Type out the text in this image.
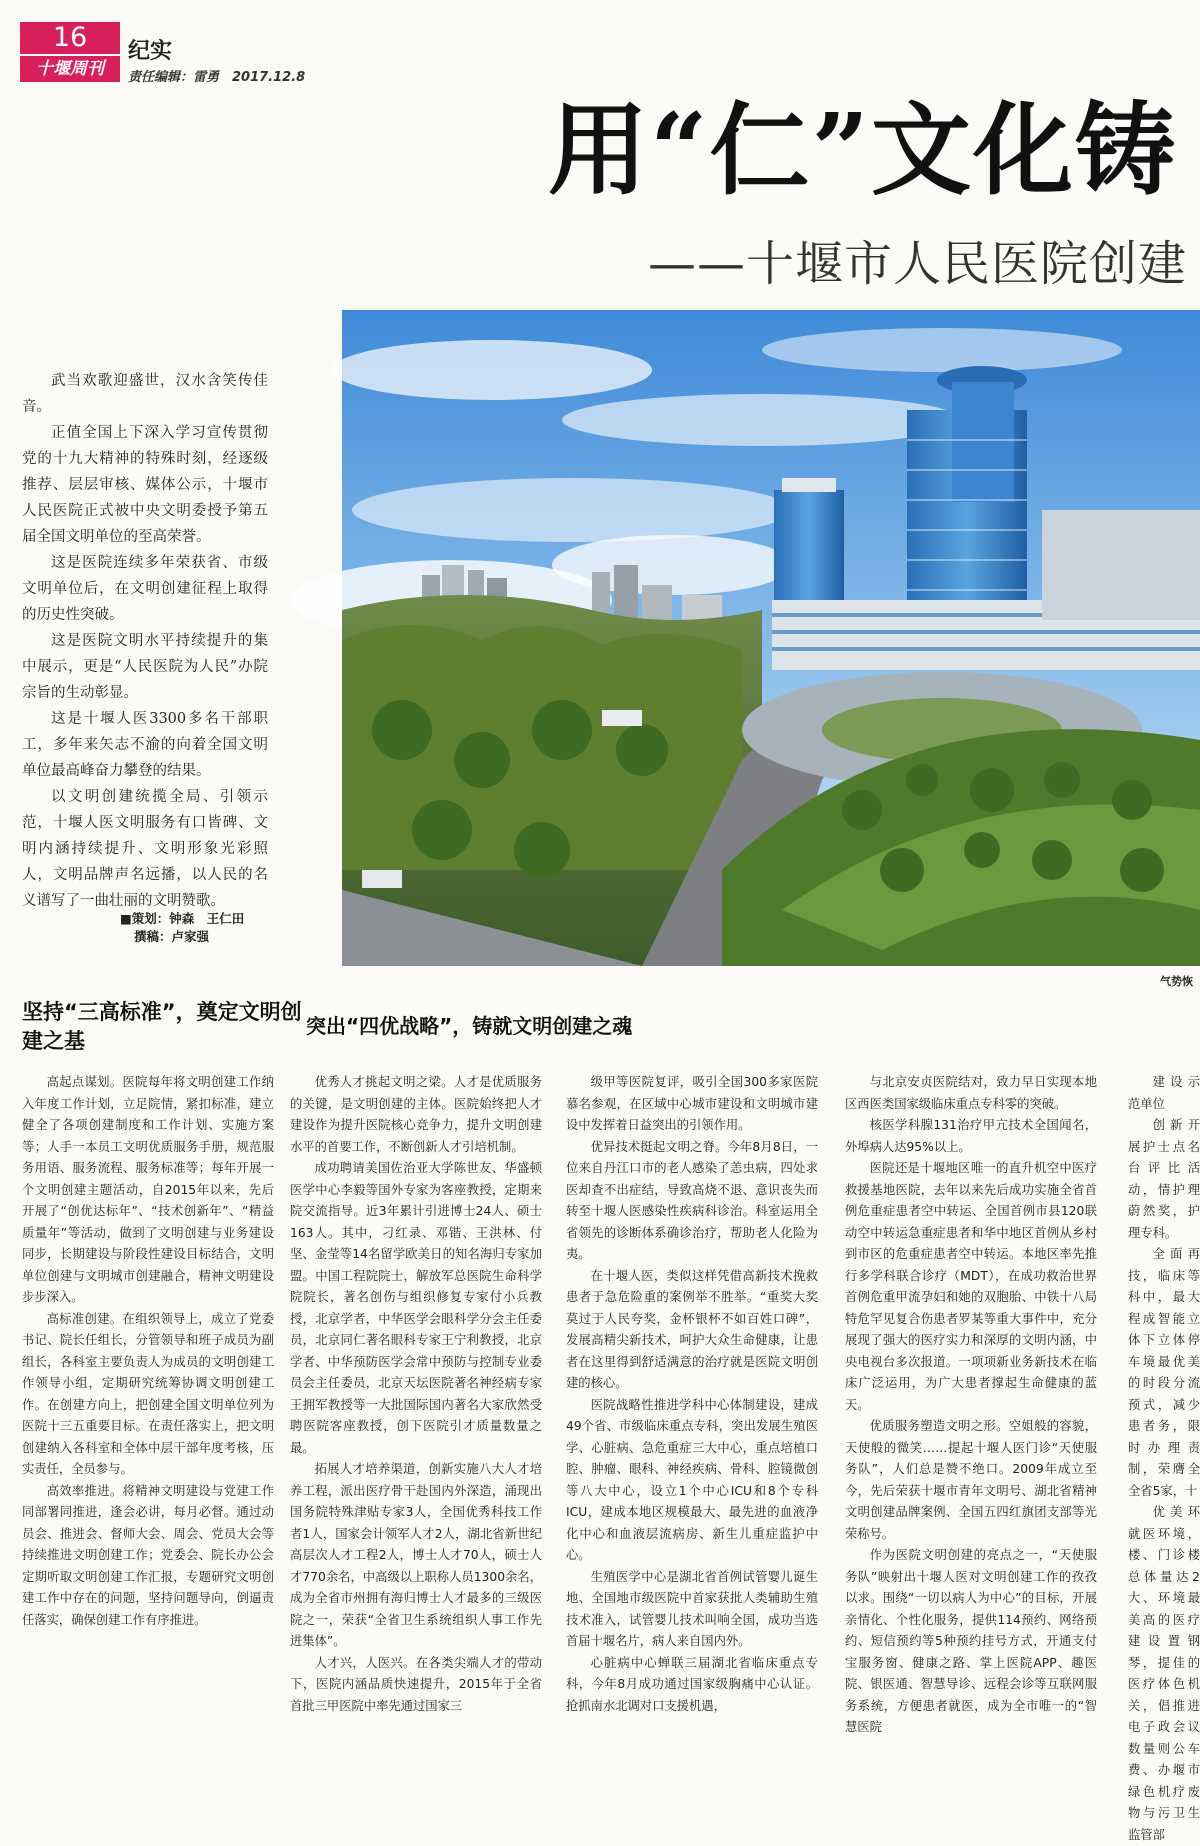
16
十堰周刊
纪实
责任编辑：雷勇　2017.12.8
用“仁”文化铸
——十堰市人民医院创建

武当欢歌迎盛世，汉水含笑传佳音。

正值全国上下深入学习宣传贯彻党的十九大精神的特殊时刻，经逐级推荐、层层审核、媒体公示，十堰市人民医院正式被中央文明委授予第五届全国文明单位的至高荣誉。

这是医院连续多年荣获省、市级文明单位后，在文明创建征程上取得的历史性突破。

这是医院文明水平持续提升的集中展示，更是“人民医院为人民”办院宗旨的生动彰显。

这是十堰人医3300多名干部职工，多年来矢志不渝的向着全国文明单位最高峰奋力攀登的结果。

以文明创建统揽全局、引领示范，十堰人医文明服务有口皆碑、文明内涵持续提升、文明形象光彩照人，文明品牌声名远播，以人民的名义谱写了一曲壮丽的文明赞歌。

■策划：钟森　王仁田
撰稿：卢家强
气势恢
坚持“三高标准”，奠定文明创建之基
突出“四优战略”，铸就文明创建之魂

高起点谋划。医院每年将文明创建工作纳入年度工作计划，立足院情，紧扣标准，建立健全了各项创建制度和工作计划、实施方案等；人手一本员工文明优质服务手册，规范服务用语、服务流程、服务标准等；每年开展一个文明创建主题活动，自2015年以来，先后开展了“创优达标年”、“技术创新年”、“精益质量年”等活动，做到了文明创建与业务建设同步，长期建设与阶段性建设目标结合，文明单位创建与文明城市创建融合，精神文明建设步步深入。

高标准创建。在组织领导上，成立了党委书记、院长任组长，分管领导和班子成员为副组长，各科室主要负责人为成员的文明创建工作领导小组，定期研究统筹协调文明创建工作。在创建方向上，把创建全国文明单位列为医院十三五重要目标。在责任落实上，把文明创建纳入各科室和全体中层干部年度考核，压实责任，全员参与。

高效率推进。将精神文明建设与党建工作同部署同推进，逢会必讲，每月必督。通过动员会、推进会、督师大会、周会、党员大会等持续推进文明创建工作；党委会、院长办公会定期听取文明创建工作汇报，专题研究文明创建工作中存在的问题，坚持问题导向，倒逼责任落实，确保创建工作有序推进。

优秀人才挑起文明之梁。人才是优质服务的关键，是文明创建的主体。医院始终把人才建设作为提升医院核心竞争力，提升文明创建水平的首要工作，不断创新人才引培机制。

成功聘请美国佐治亚大学陈世友、华盛顿医学中心李毅等国外专家为客座教授，定期来院交流指导。近3年累计引进博士24人、硕士163人。其中，刁红录、邓锴、王洪林、付坚、金莹等14名留学欧美日的知名海归专家加盟。中国工程院院士，解放军总医院生命科学院院长，著名创伤与组织修复专家付小兵教授，北京学者，中华医学会眼科学分会主任委员，北京同仁著名眼科专家王宁利教授，北京学者、中华预防医学会常中预防与控制专业委员会主任委员，北京天坛医院著名神经病专家王拥军教授等一大批国际国内著名大家欣然受聘医院客座教授，创下医院引才质量数量之最。

拓展人才培养渠道，创新实施八大人才培养工程，派出医疗骨干赴国内外深造，涌现出国务院特殊津贴专家3人，全国优秀科技工作者1人，国家会计领军人才2人，湖北省新世纪高层次人才工程2人，博士人才70人，硕士人才770余名，中高级以上职称人员1300余名，成为全省市州拥有海归博士人才最多的三级医院之一，荣获“全省卫生系统组织人事工作先进集体”。

人才兴，人医兴。在各类尖端人才的带动下，医院内涵品质快速提升，2015年于全省首批三甲医院中率先通过国家三

级甲等医院复评，吸引全国300多家医院慕名参观，在区域中心城市建设和文明城市建设中发挥着日益突出的引领作用。

优异技术挺起文明之脊。今年8月8日，一位来自丹江口市的老人感染了恙虫病，四处求医却查不出症结，导致高烧不退、意识丧失而转至十堰人医感染性疾病科诊治。科室运用全省领先的诊断体系确诊治疗，帮助老人化险为夷。

在十堰人医，类似这样凭借高新技术挽救患者于急危险重的案例举不胜举。“重奖大奖莫过于人民夸奖，金杯银杯不如百姓口碑”，发展高精尖新技术，呵护大众生命健康，让患者在这里得到舒适满意的治疗就是医院文明创建的核心。

医院战略性推进学科中心体制建设，建成49个省、市级临床重点专科，突出发展生殖医学、心脏病、急危重症三大中心，重点培植口腔、肿瘤、眼科、神经疾病、骨科、腔镜微创等八大中心，设立1个中心ICU和8个专科ICU，建成本地区规模最大、最先进的血液净化中心和血液层流病房、新生儿重症监护中心。

生殖医学中心是湖北省首例试管婴儿诞生地、全国地市级医院中首家获批人类辅助生殖技术准入，试管婴儿技术叫响全国，成功当选首届十堰名片，病人来自国内外。

心脏病中心蝉联三届湖北省临床重点专科，今年8月成功通过国家级胸痛中心认证。抢抓南水北调对口支援机遇，

与北京安贞医院结对，致力早日实现本地区西医类国家级临床重点专科零的突破。

核医学科腺131治疗甲亢技术全国闻名，外埠病人达95%以上。

医院还是十堰地区唯一的直升机空中医疗救援基地医院，去年以来先后成功实施全省首例危重症患者空中转运、全国首例市县120联动空中转运急重症患者和华中地区首例从乡村到市区的危重症患者空中转运。本地区率先推行多学科联合诊疗（MDT），在成功救治世界首例危重甲流孕妇和她的双胞胎、中铁十八局特危罕见复合伤患者罗某等重大事件中，充分展现了强大的医疗实力和深厚的文明内涵，中央电视台多次报道。一项项新业务新技术在临床广泛运用，为广大患者撑起生命健康的蓝天。

优质服务塑造文明之形。空姐般的容貌，天使般的微笑……提起十堰人医门诊“天使服务队”，人们总是赞不绝口。2009年成立至今，先后荣获十堰市青年文明号、湖北省精神文明创建品牌案例、全国五四红旗团支部等光荣称号。

作为医院文明创建的亮点之一，“天使服务队”映射出十堰人医对文明创建工作的孜孜以求。围绕“一切以病人为中心”的目标，开展亲情化、个性化服务，提供114预约、网络预约、短信预约等5种预约挂号方式，开通支付宝服务窗、健康之路、掌上医院APP、趣医院、银医通、智慧导诊、远程会诊等互联网服务系统，方便患者就医，成为全市唯一的“智慧医院

建设示范单位

创新开展护士点名台评比活动，情护理蔚然奖，护理专科。

全面再技，临床等科中，最大程成智能立体下立体停车境最优美的时段分流预式，减少患者务，限时办理责制，荣膺全全省5家，十

优美环就医环境，楼、门诊楼总体量达2大、环境最美高的医疗建设置钢琴，提佳的医疗体色机关，倡推进电子政会议数量则公车费、办堰市绿色机疗废物与污卫生监管部
